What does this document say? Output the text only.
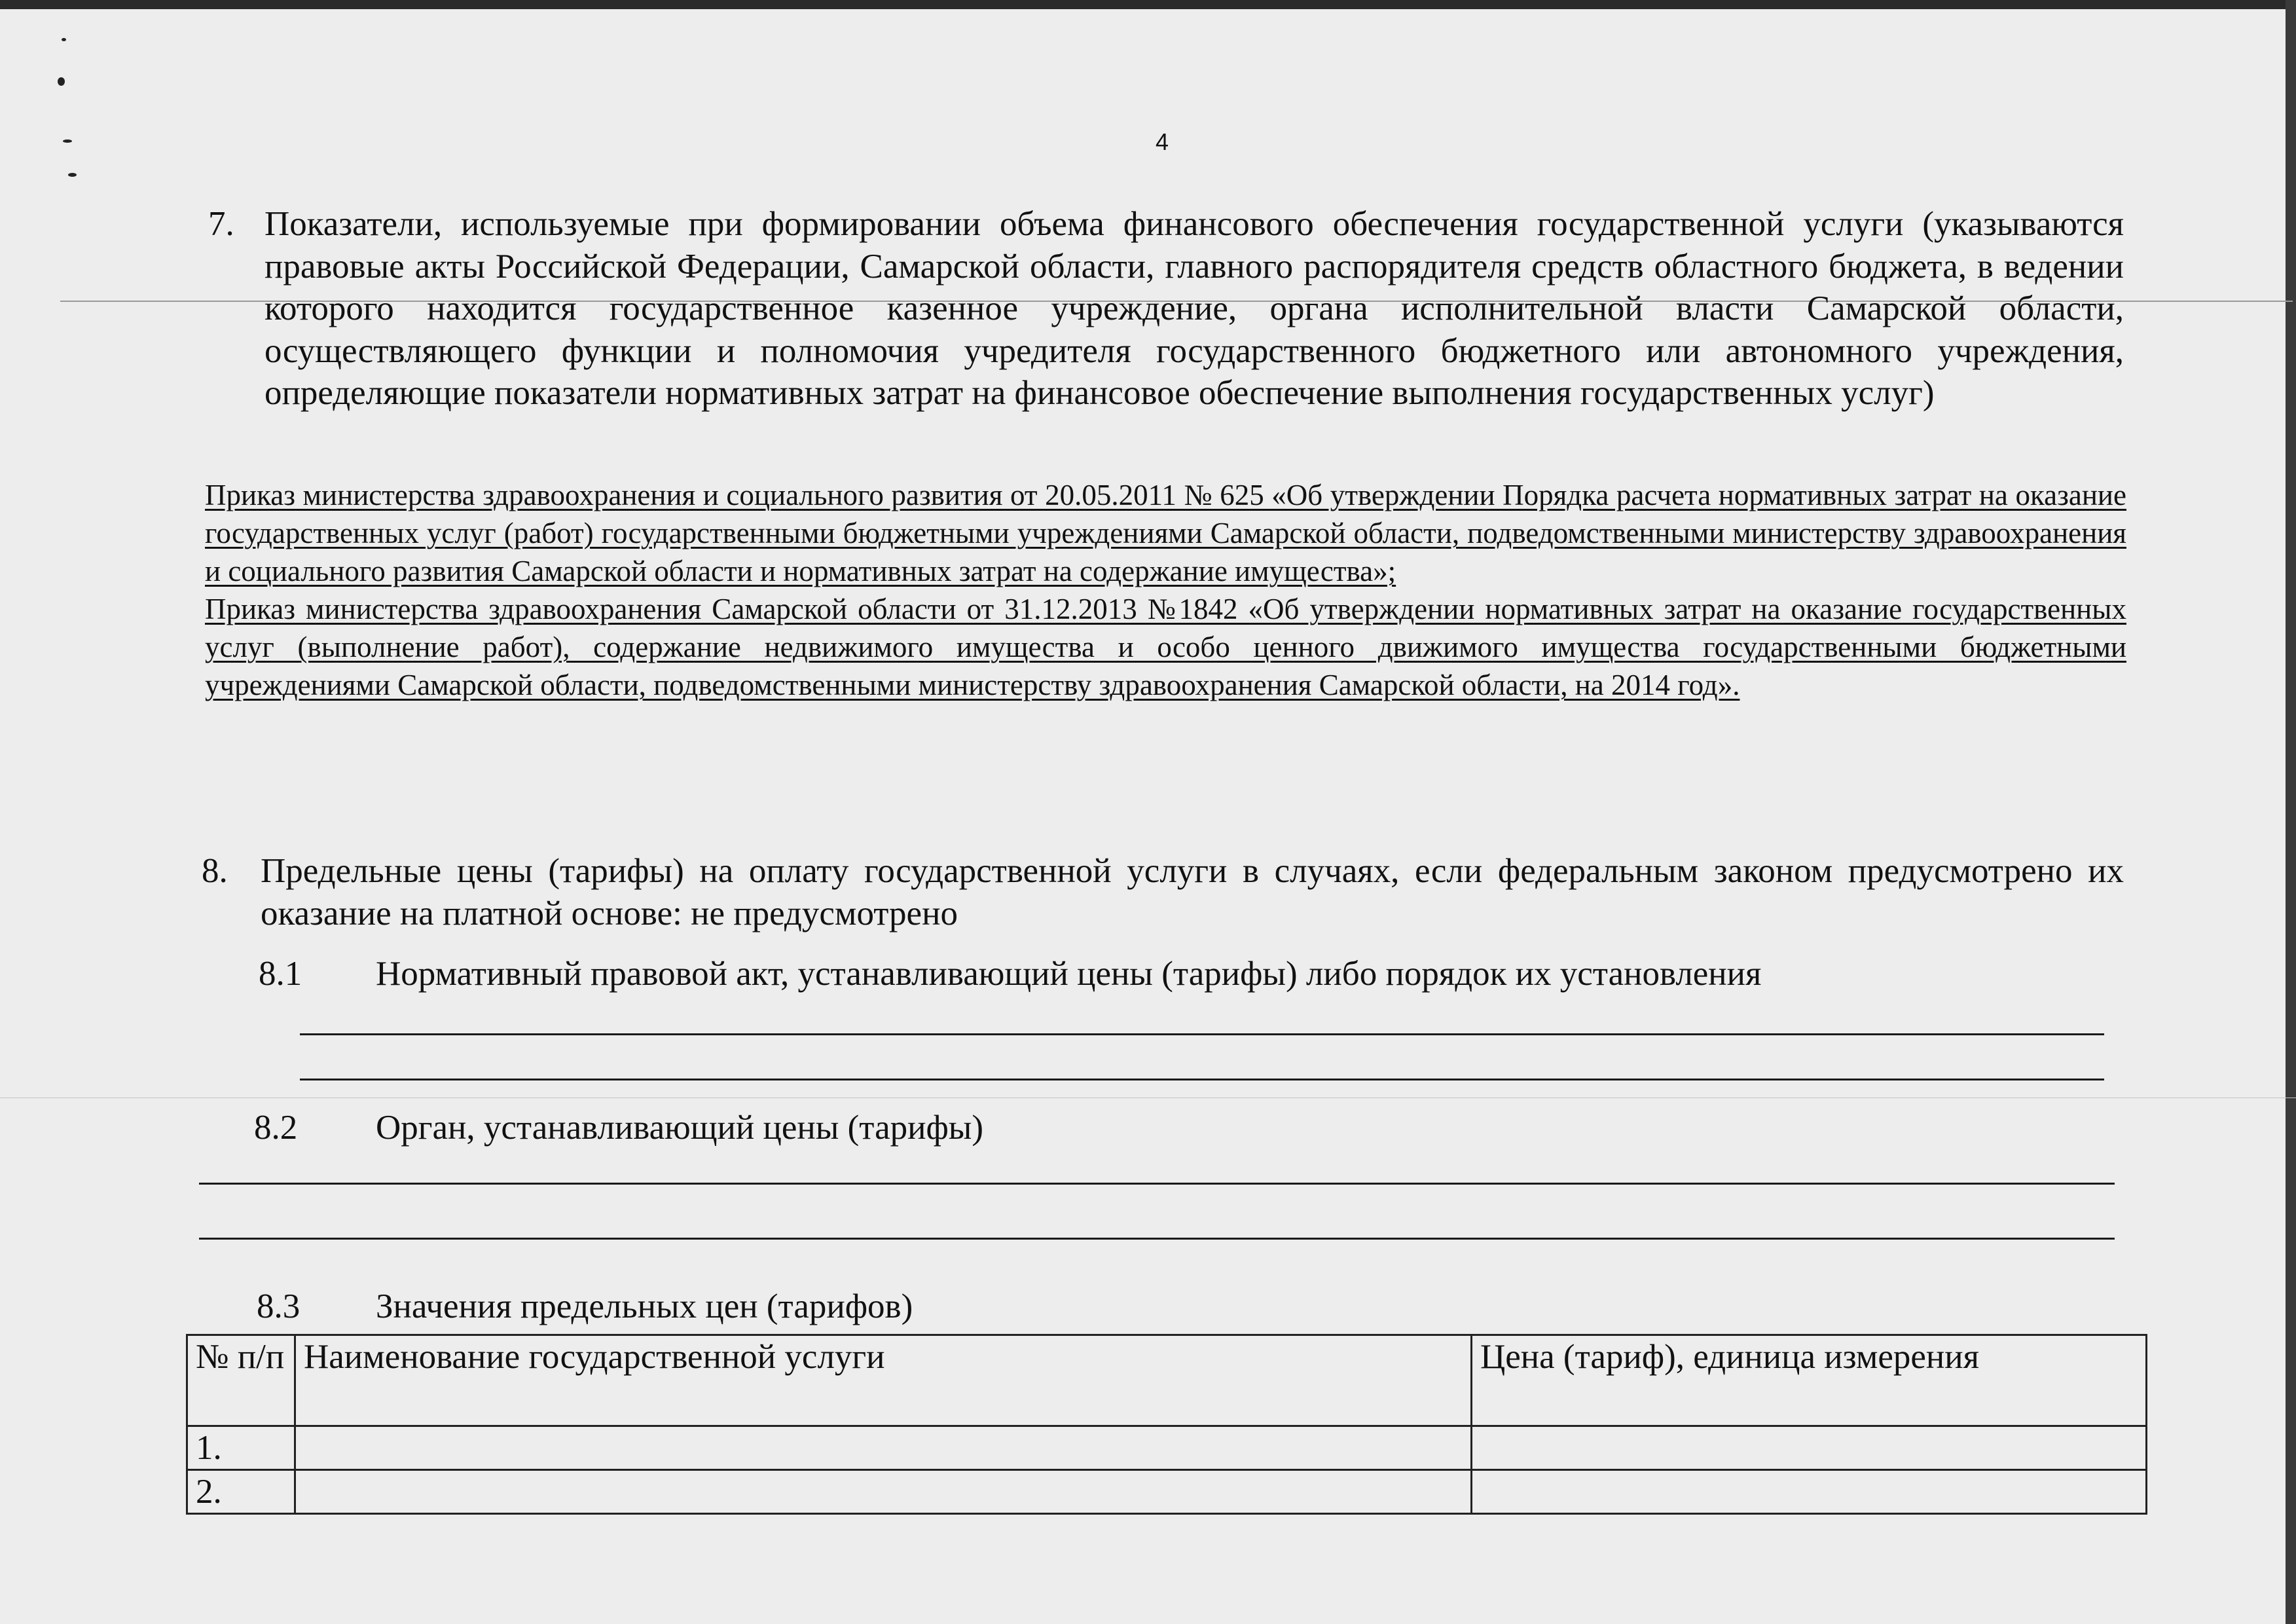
4
7. Показатели, используемые при формировании объема финансового обеспечения государственной услуги (указываются правовые акты Российской Федерации, Самарской области, главного распорядителя средств областного бюджета, в ведении которого находится государственное казенное учреждение, органа исполнительной власти Самарской области, осуществляющего функции и полномочия учредителя государственного бюджетного или автономного учреждения, определяющие показатели нормативных затрат на финансовое обеспечение выполнения государственных услуг)

Приказ министерства здравоохранения и социального развития от 20.05.2011 № 625 «Об утверждении Порядка расчета нормативных затрат на оказание государственных услуг (работ) государственными бюджетными учреждениями Самарской области, подведомственными министерству здравоохранения и социального развития Самарской области и нормативных затрат на содержание имущества»;

Приказ министерства здравоохранения Самарской области от 31.12.2013 №1842 «Об утверждении нормативных затрат на оказание государственных услуг (выполнение работ), содержание недвижимого имущества и особо ценного движимого имущества государственными бюджетными учреждениями Самарской области, подведомственными министерству здравоохранения Самарской области, на 2014 год».

8. Предельные цены (тарифы) на оплату государственной услуги в случаях, если федеральным законом предусмотрено их оказание на платной основе: не предусмотрено
8.1 Нормативный правовой акт, устанавливающий цены (тарифы) либо порядок их установления
8.2 Орган, устанавливающий цены (тарифы)
8.3 Значения предельных цен (тарифов)
№ п/п	Наименование государственной услуги	Цена (тариф), единица измерения
1.		
2.		
